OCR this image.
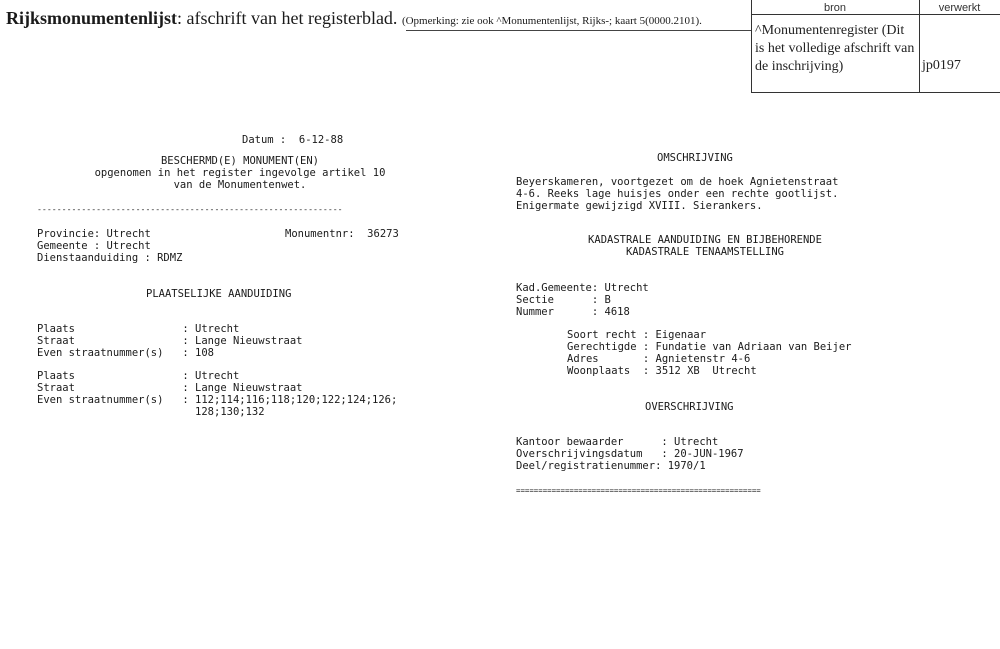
Rijksmonumentenlijst: afschrift van het registerblad. (Opmerking: zie ook ^Monumentenlijst, Rijks-; kaart 5(0000.2101).
bron	verwerkt
^Monumentenregister (Dit is het volledige afschrift van de inschrijving)	jp0197
Datum :  6-12-88
BESCHERMD(E) MONUMENT(EN)
opgenomen in het register ingevolge artikel 10
van de Monumentenwet.
--------------------------------------------------------------
Provincie: Utrecht	Monumentnr:  36273
Gemeente : Utrecht
Dienstaanduiding : RDMZ
PLAATSELIJKE AANDUIDING
Plaats                 : Utrecht
Straat                 : Lange Nieuwstraat
Even straatnummer(s)   : 108
Plaats                 : Utrecht
Straat                 : Lange Nieuwstraat
Even straatnummer(s)   : 112;114;116;118;120;122;124;126;
128;130;132
OMSCHRIJVING
Beyerskameren, voortgezet om de hoek Agnietenstraat
4-6. Reeks lage huisjes onder een rechte gootlijst.
Enigermate gewijzigd XVIII. Sierankers.
KADASTRALE AANDUIDING EN BIJBEHORENDE
KADASTRALE TENAAMSTELLING
Kad.Gemeente: Utrecht
Sectie      : B
Nummer      : 4618
Soort recht : Eigenaar
Gerechtigde : Fundatie van Adriaan van Beijer
Adres       : Agnietenstr 4-6
Woonplaats  : 3512 XB  Utrecht
OVERSCHRIJVING
Kantoor bewaarder      : Utrecht
Overschrijvingsdatum   : 20-JUN-1967
Deel/registratienummer: 1970/1
=======================================================
